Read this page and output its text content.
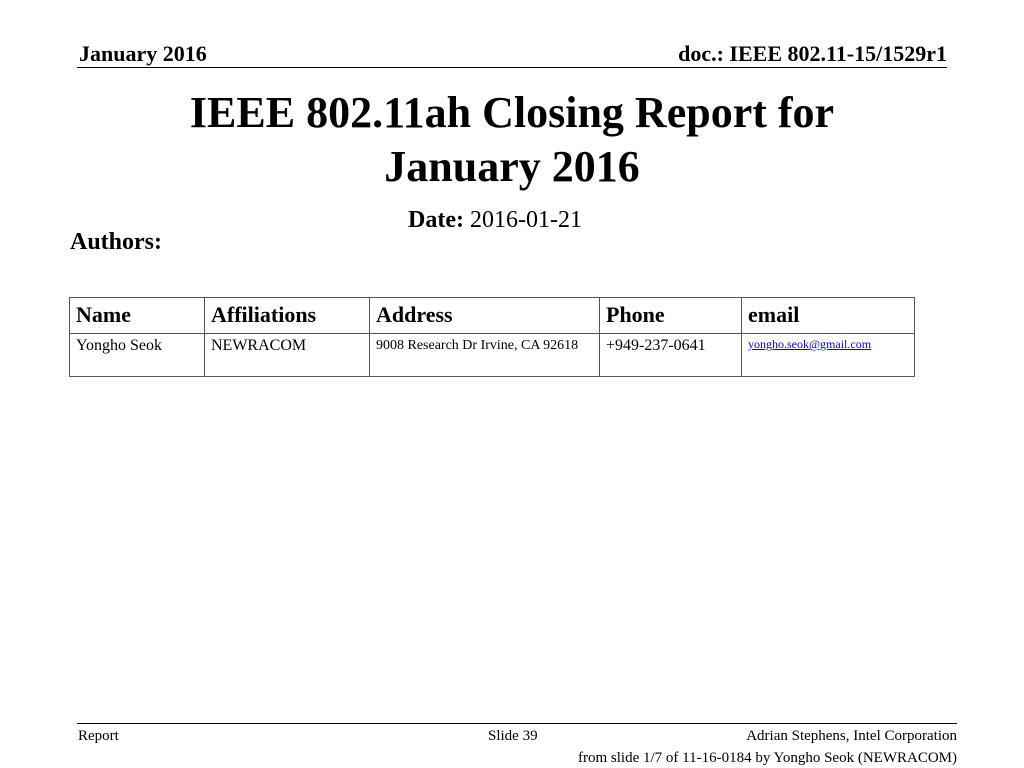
January 2016	doc.: IEEE 802.11-15/1529r1
IEEE 802.11ah Closing Report for
January 2016
Date: 2016-01-21
Authors:
Name	Affiliations	Address	Phone	email
Yongho Seok	NEWRACOM	9008 Research Dr Irvine, CA 92618	+949-237-0641	yongho.seok@gmail.com
Report	Slide 39	Adrian Stephens, Intel Corporation
from slide 1/7 of 11-16-0184 by Yongho Seok (NEWRACOM)
